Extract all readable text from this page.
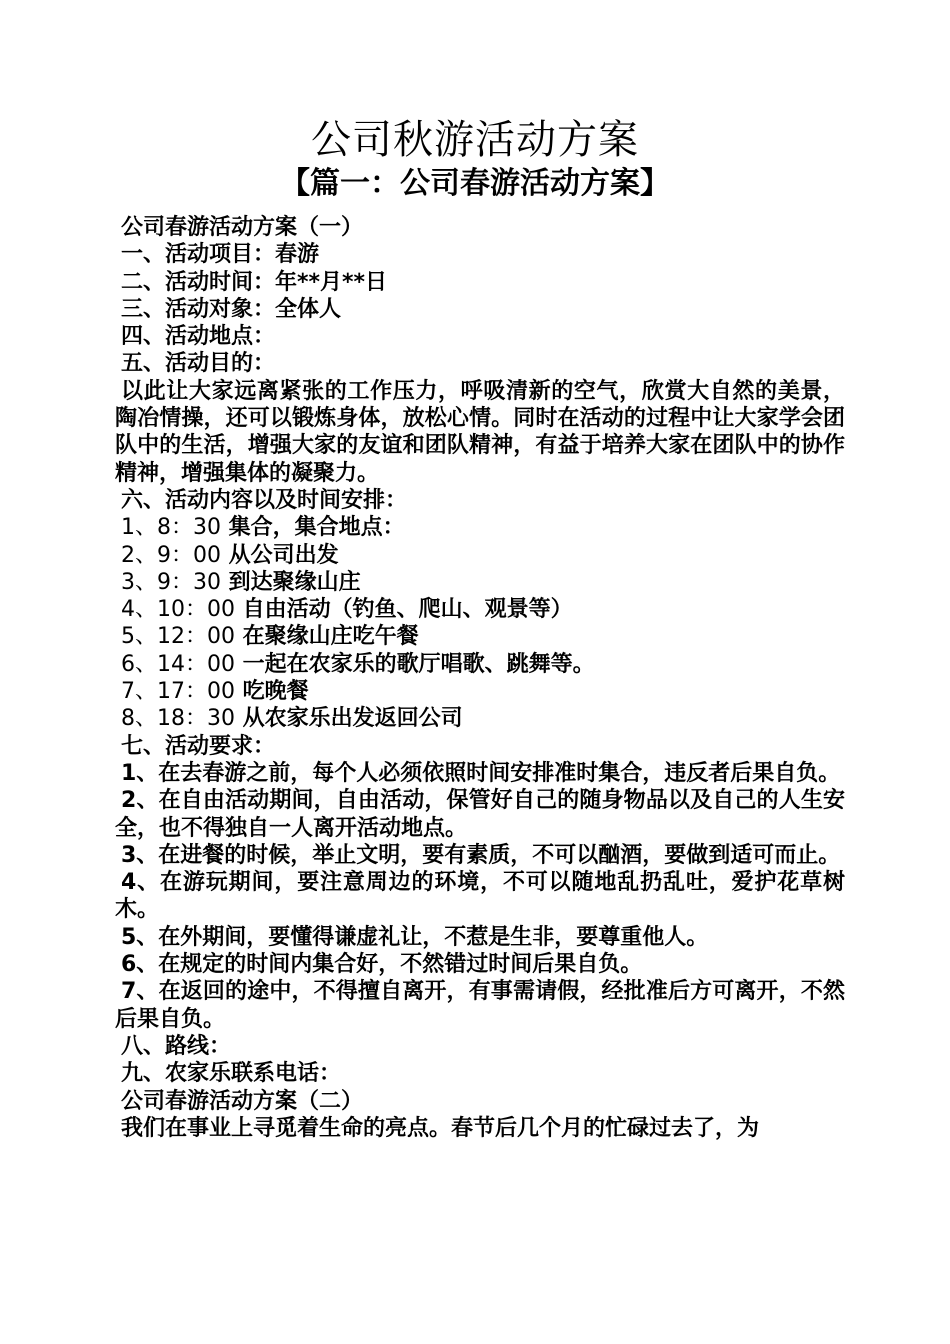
公司秋游活动方案
【篇一：公司春游活动方案】

公司春游活动方案（一）

一、活动项目：春游

二、活动时间：年**月**日

三、活动对象：全体人

四、活动地点：

五、活动目的：

以此让大家远离紧张的工作压力，呼吸清新的空气，欣赏大自然的美景，陶冶情操，还可以锻炼身体，放松心情。同时在活动的过程中让大家学会团队中的生活，增强大家的友谊和团队精神，有益于培养大家在团队中的协作精神，增强集体的凝聚力。

六、活动内容以及时间安排：

1、8：30 集合，集合地点：

2、9：00 从公司出发

3、9：30 到达聚缘山庄

4、10：00 自由活动（钓鱼、爬山、观景等）

5、12：00 在聚缘山庄吃午餐

6、14：00 一起在农家乐的歌厅唱歌、跳舞等。

7、17：00 吃晚餐

8、18：30 从农家乐出发返回公司

七、活动要求：

1、在去春游之前，每个人必须依照时间安排准时集合，违反者后果自负。

2、在自由活动期间，自由活动，保管好自己的随身物品以及自己的人生安全，也不得独自一人离开活动地点。

3、在进餐的时候，举止文明，要有素质，不可以酗酒，要做到适可而止。

4、在游玩期间，要注意周边的环境，不可以随地乱扔乱吐，爱护花草树木。

5、在外期间，要懂得谦虚礼让，不惹是生非，要尊重他人。

6、在规定的时间内集合好，不然错过时间后果自负。

7、在返回的途中，不得擅自离开，有事需请假，经批准后方可离开，不然后果自负。

八、路线：

九、农家乐联系电话：

公司春游活动方案（二）

我们在事业上寻觅着生命的亮点。春节后几个月的忙碌过去了，为
